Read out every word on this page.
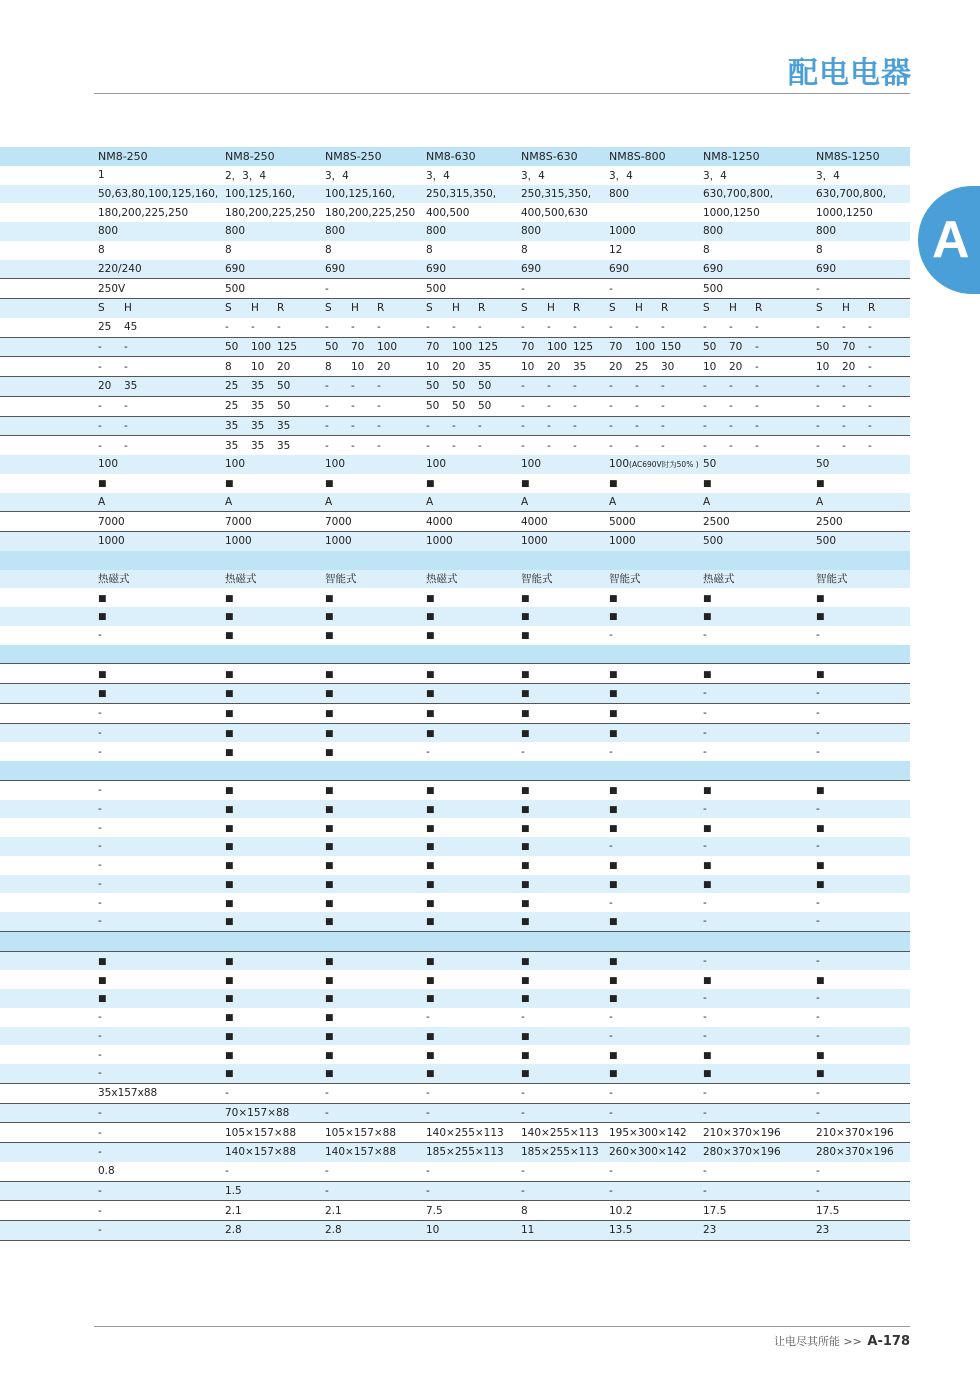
配电电器
A
	NM8-250	NM8-250	NM8S-250	NM8-630	NM8S-630	NM8S-800	NM8-1250	NM8S-1250
	1	2，3，4	3，4	3，4	3，4	3，4	3，4	3，4
	50,63,80,100,125,160,	100,125,160,	100,125,160,	250,315,350,	250,315,350,	800	630,700,800,	630,700,800,
	180,200,225,250	180,200,225,250	180,200,225,250	400,500	400,500,630		1000,1250	1000,1250
	800	800	800	800	800	1000	800	800
	8	8	8	8	8	12	8	8
	220/240	690	690	690	690	690	690	690
	250V	500	-	500	-	-	500	-
	S H	S H R	S H R	S H R	S H R	S H R	S H R	S H R
	25 45	- - -	- - -	- - -	- - -	- - -	- - -	- - -
	- -	50 100 125	50 70 100	70 100 125	70 100 125	70 100 150	50 70 -	50 70 -
	- -	8 10 20	8 10 20	10 20 35	10 20 35	20 25 30	10 20 -	10 20 -
	20 35	25 35 50	- - -	50 50 50	- - -	- - -	- - -	- - -
	- -	25 35 50	- - -	50 50 50	- - -	- - -	- - -	- - -
	- -	35 35 35	- - -	- - -	- - -	- - -	- - -	- - -
	- -	35 35 35	- - -	- - -	- - -	- - -	- - -	- - -
	100	100	100	100	100	100(AC690V时为50% )	50	50
	■	■	■	■	■	■	■	■
	A	A	A	A	A	A	A	A
	7000	7000	7000	4000	4000	5000	2500	2500
	1000	1000	1000	1000	1000	1000	500	500

	热磁式	热磁式	智能式	热磁式	智能式	智能式	热磁式	智能式
	■	■	■	■	■	■	■	■
	■	■	■	■	■	■	■	■
	-	■	■	■	■	-	-	-

	■	■	■	■	■	■	■	■
	■	■	■	■	■	■	-	-
	-	■	■	■	■	■	-	-
	-	■	■	■	■	■	-	-
	-	■	■	-	-	-	-	-

	-	■	■	■	■	■	■	■
	-	■	■	■	■	■	-	-
	-	■	■	■	■	■	■	■
	-	■	■	■	■	-	-	-
	-	■	■	■	■	■	■	■
	-	■	■	■	■	■	■	■
	-	■	■	■	■	-	-	-
	-	■	■	■	■	■	-	-

	■	■	■	■	■	■	-	-
	■	■	■	■	■	■	■	■
	■	■	■	■	■	■	-	-
	-	■	■	-	-	-	-	-
	-	■	■	■	■	-	-	-
	-	■	■	■	■	■	■	■
	-	■	■	■	■	■	■	■
	35x157x88	-	-	-	-	-	-	-
	-	70×157×88	-	-	-	-	-	-
	-	105×157×88	105×157×88	140×255×113	140×255×113	195×300×142	210×370×196	210×370×196
	-	140×157×88	140×157×88	185×255×113	185×255×113	260×300×142	280×370×196	280×370×196
	0.8	-	-	-	-	-	-	-
	-	1.5	-	-	-	-	-	-
	-	2.1	2.1	7.5	8	10.2	17.5	17.5
	-	2.8	2.8	10	11	13.5	23	23
让电尽其所能 >> A-178
